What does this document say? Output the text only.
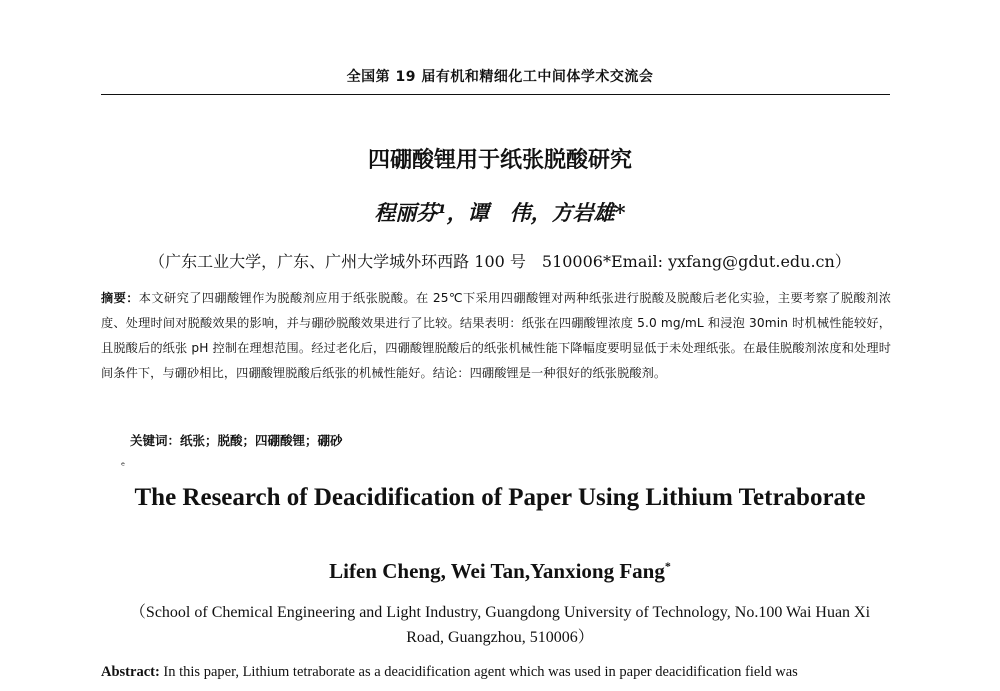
全国第 19 届有机和精细化工中间体学术交流会
四硼酸锂用于纸张脱酸研究
程丽芬¹，谭　伟，方岩雄*
（广东工业大学，广东、广州大学城外环西路 100 号　510006*Email: yxfang@gdut.edu.cn）
摘要：本文研究了四硼酸锂作为脱酸剂应用于纸张脱酸。在 25℃下采用四硼酸锂对两种纸张进行脱酸及脱酸后老化实验，主要考察了脱酸剂浓度、处理时间对脱酸效果的影响，并与硼砂脱酸效果进行了比较。结果表明：纸张在四硼酸锂浓度 5.0 mg/mL 和浸泡 30min 时机械性能较好，且脱酸后的纸张 pH 控制在理想范围。经过老化后，四硼酸锂脱酸后的纸张机械性能下降幅度要明显低于未处理纸张。在最佳脱酸剂浓度和处理时间条件下，与硼砂相比，四硼酸锂脱酸后纸张的机械性能好。结论：四硼酸锂是一种很好的纸张脱酸剂。
关键词：纸张；脱酸；四硼酸锂；硼砂
ᵉ
The Research of Deacidification of Paper Using Lithium Tetraborate
Lifen Cheng, Wei Tan,Yanxiong Fang*
（School of Chemical Engineering and Light Industry, Guangdong University of Technology, No.100 Wai Huan Xi Road, Guangzhou, 510006）
Abstract: In this paper, Lithium tetraborate as a deacidification agent which was used in paper deacidification field was
